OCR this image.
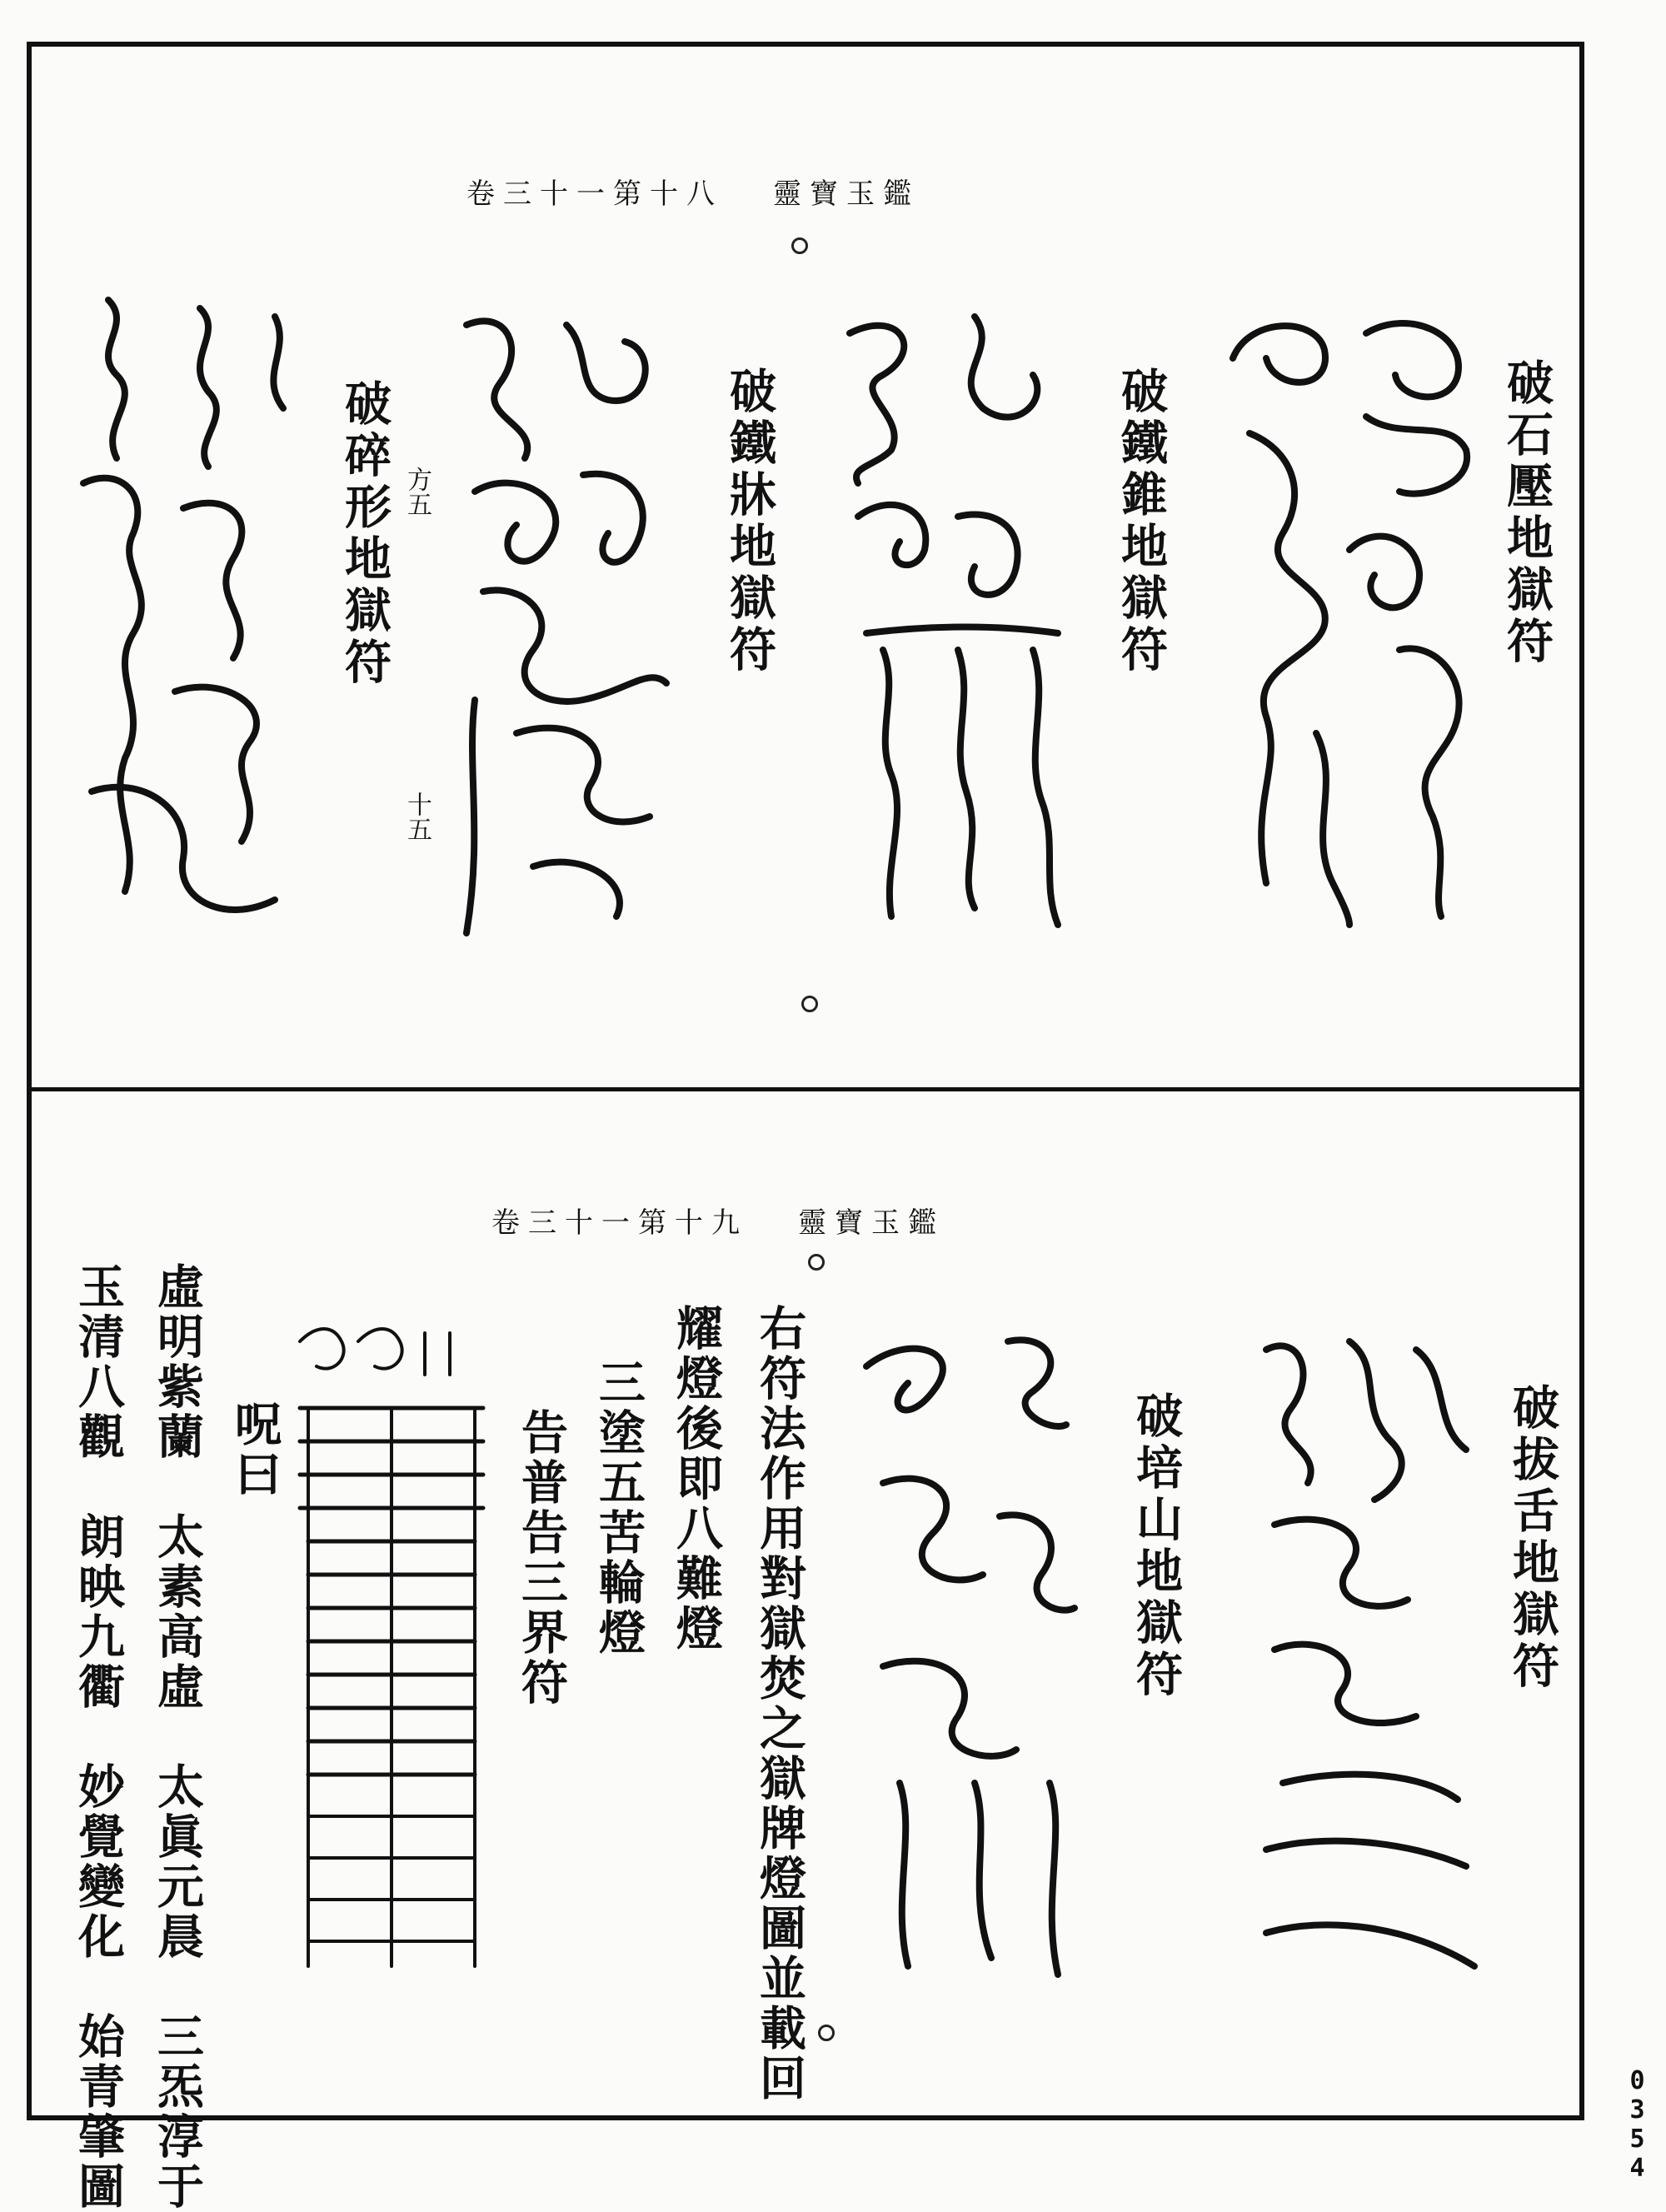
靈寶玉鑑
卷三十一第十八
破石壓地獄符
破鐵錐地獄符
破鐵牀地獄符
破碎形地獄符 方五
十五
靈寶玉鑑
卷三十一第十九
破拔舌地獄符
破培山地獄符
右符法作用對獄焚之獄牌燈圖並載回
耀燈後即八難燈
三塗五苦輪燈
告普告三界符
呪曰
虛明紫蘭　太素高虛　太眞元晨　三炁淳于
玉清八觀　朗映九衢　妙覺變化　始青肇圖	0354
